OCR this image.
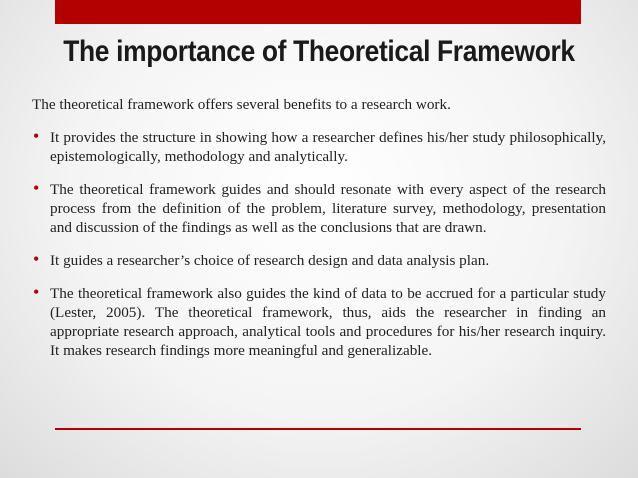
The importance of Theoretical Framework

The theoretical framework offers several benefits to a research work.

• It provides the structure in showing how a researcher defines his/her study philosophically, epistemologically, methodology and analytically.
• The theoretical framework guides and should resonate with every aspect of the research process from the definition of the problem, literature survey, methodology, presentation and discussion of the findings as well as the conclusions that are drawn.
• It guides a researcher’s choice of research design and data analysis plan.
• The theoretical framework also guides the kind of data to be accrued for a particular study (Lester, 2005). The theoretical framework, thus, aids the researcher in finding an appropriate research approach, analytical tools and procedures for his/her research inquiry. It makes research findings more meaningful and generalizable.
